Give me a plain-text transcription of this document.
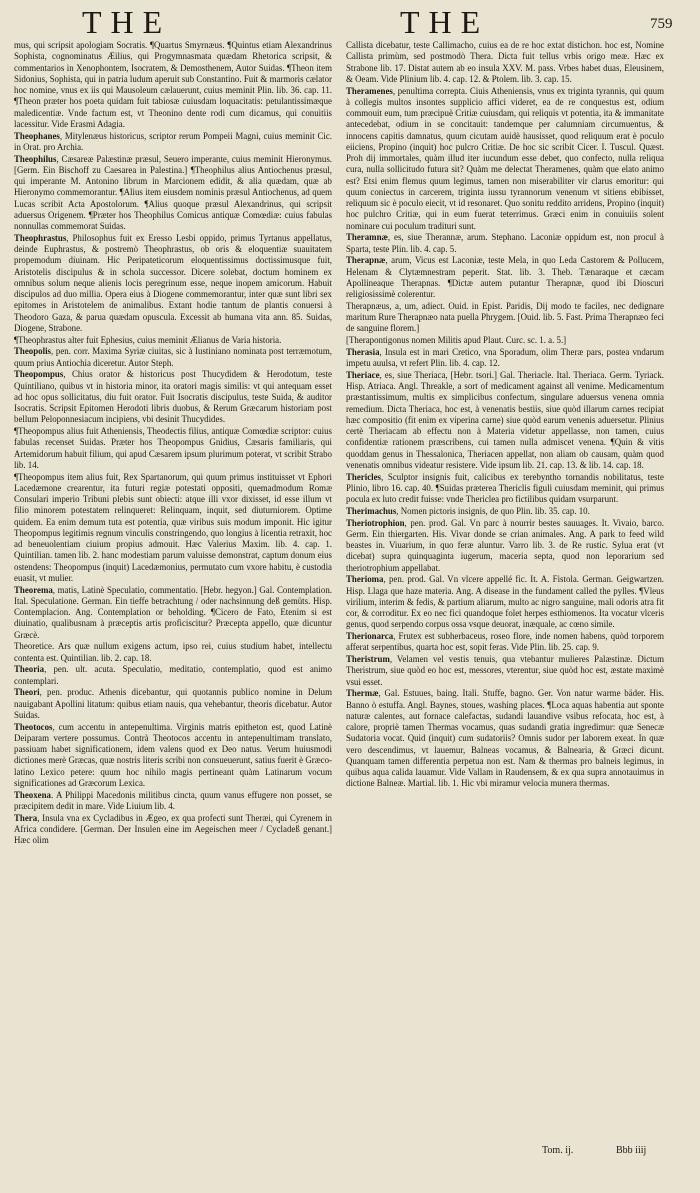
THE	THE	759

mus, qui scripsit apologiam Socratis. ¶Quartus Smyrnæus. ¶Quintus etiam Alexandrinus Sophista, cognominatus Æilius, qui Progymnasmata quædam Rhetorica scripsit, & commentarios in Xenophontem, Isocratem, & Demosthenem, Autor Suidas. ¶Theon item Sidonius, Sophista, qui in patria ludum aperuit sub Constantino. Fuit & marmoris cælator hoc nomine, vnus ex iis qui Mausoleum cælauerunt, cuius meminit Plin. lib. 36. cap. 11. ¶Theon præter hos poeta quidam fuit tabiosæ cuiusdam loquacitatis: petulantissimæque maledicentiæ. Vnde factum est, vt Theonino dente rodi cum dicamus, qui conuitiis lacessitur. Vide Erasmi Adagia.

Theophanes, Mitylenæus historicus, scriptor rerum Pompeii Magni, cuius meminit Cic. in Orat. pro Archia.

Theophilus, Cæsareæ Palæstinæ præsul, Seuero imperante, cuius meminit Hieronymus. [Germ. Ein Bischoff zu Caesarea in Palestina.] ¶Theophilus alius Antiochenus præsul, qui imperante M. Antonino librum in Marcionem edidit, & alia quædam, quæ ab Hieronymo commemorantur. ¶Alius item eiusdem nominis præsul Antiochenus, ad quem Lucas scribit Acta Apostolorum. ¶Alius quoque præsul Alexandrinus, qui scripsit aduersus Origenem. ¶Præter hos Theophilus Comicus antiquæ Comœdiæ: cuius fabulas nonnullas commemorat Suidas.

Theophrastus, Philosophus fuit ex Eresso Lesbi oppido, primus Tyrtanus appellatus, deinde Euphrastus, & postremò Theophrastus, ob oris & eloquentiæ suauitatem propemodum diuinam. Hic Peripateticorum eloquentissimus doctissimusque fuit, Aristotelis discipulus & in schola successor. Dicere solebat, doctum hominem ex omnibus solum neque alienis locis peregrinum esse, neque inopem amicorum. Habuit discipulos ad duo millia. Opera eius à Diogene commemorantur, inter quæ sunt libri sex epitomes in Aristotelem de animalibus. Extant hodie tantum de plantis conuersi à Theodoro Gaza, & parua quædam opuscula. Excessit ab humana vita ann. 85. Suidas, Diogene, Strabone.

¶Theophrastus alter fuit Ephesius, cuius meminit Ælianus de Varia historia.

Theopolis, pen. corr. Maxima Syriæ ciuitas, sic à Iustiniano nominata post terræmotum, quum prius Antiochia diceretur. Autor Steph.

Theopompus, Chius orator & historicus post Thucydidem & Herodotum, teste Quintiliano, quibus vt in historia minor, ita oratori magis similis: vt qui antequam esset ad hoc opus sollicitatus, diu fuit orator. Fuit Isocratis discipulus, teste Suida, & auditor Isocratis. Scripsit Epitomen Herodoti libris duobus, & Rerum Græcarum historiam post bellum Peloponnesiacum incipiens, vbi desinit Thucydides.

¶Theopompus alius fuit Atheniensis, Theodectis filius, antiquæ Comœdiæ scriptor: cuius fabulas recenset Suidas. Præter hos Theopompus Gnidius, Cæsaris familiaris, qui Artemidorum habuit filium, qui apud Cæsarem ipsum plurimum poterat, vt scribit Strabo lib. 14.

¶Theopompus item alius fuit, Rex Spartanorum, qui quum primus instituisset vt Ephori Lacedæmone crearentur, ita futuri regiæ potestati oppositi, quemadmodum Romæ Consulari imperio Tribuni plebis sunt obiecti: atque illi vxor dixisset, id esse illum vt filio minorem potestatem relinqueret: Relinquam, inquit, sed diuturniorem. Optime quidem. Ea enim demum tuta est potentia, quæ viribus suis modum imponit. Hic igitur Theopompus legitimis regnum vinculis constringendo, quo longius à licentia retraxit, hoc ad beneuolentiam ciuium propius admouit. Hæc Valerius Maxim. lib. 4. cap. 1. Quintilian. tamen lib. 2. hanc modestiam parum valuisse demonstrat, captum donum eius ostendens: Theopompus (inquit) Lacedæmonius, permutato cum vxore habitu, è custodia euasit, vt mulier.

Theorema, matis, Latinè Speculatio, commentatio. [Hebr. hegyon.] Gal. Contemplation. Ital. Speculatione. German. Ein tieffe betrachtung / oder nachsinnung deß gemüts. Hisp. Contemplacion. Ang. Contemplation or beholding. ¶Cicero de Fato, Etenim si est diuinatio, qualibusnam à præceptis artis proficiscitur? Præcepta appello, quæ dicuntur Græcè.

Theoretice. Ars quæ nullum exigens actum, ipso rei, cuius studium habet, intellectu contenta est. Quintilian. lib. 2. cap. 18.

Theoria, pen. ult. acuta. Speculatio, meditatio, contemplatio, quod est animo contemplari.

Theori, pen. produc. Athenis dicebantur, qui quotannis publico nomine in Delum nauigabant Apollini litatum: quibus etiam nauis, qua vehebantur, theoris dicebatur. Autor Suidas.

Theotocos, cum accentu in antepenultima. Virginis matris epitheton est, quod Latinè Deiparam vertere possumus. Contrà Theotocos accentu in antepenultimam translato, passiuam habet significationem, idem valens quod ex Deo natus. Verum huiusmodi dictiones merè Græcas, quæ nostris literis scribi non consueuerunt, satius fuerit è Græco-latino Lexico petere: quum hoc nihilo magis pertineant quàm Latinarum vocum significationes ad Græcorum Lexica.

Theoxena. A Philippi Macedonis militibus cincta, quum vanus effugere non posset, se præcipitem dedit in mare. Vide Liuium lib. 4.

Thera, Insula vna ex Cycladibus in Ægeo, ex qua profecti sunt Theræi, qui Cyrenem in Africa condidere. [German. Der Insulen eine im Aegeischen meer / Cycladeß genant.] Hæc olim

Callista dicebatur, teste Callimacho, cuius ea de re hoc extat distichon. hoc est, Nomine Callista primùm, sed postmodò Thera. Dicta fuit tellus vrbis origo meæ. Hæc ex Strabone lib. 17. Distat autem ab eo insula XXV. M. pass. Vrbes habet duas, Eleusinem, & Oeam. Vide Plinium lib. 4. cap. 12. & Ptolem. lib. 3. cap. 15.

Theramenes, penultima correpta. Ciuis Atheniensis, vnus ex triginta tyrannis, qui quum à collegis multos insontes supplicio affici videret, ea de re conquestus est, odium commouit eum, tum præcipuè Critiæ cuiusdam, qui reliquis vt potentia, ita & immanitate antecedebat, odium in se concitauit: tandemque per calumniam circumuentus, & innocens capitis damnatus, quum cicutam auidè hausisset, quod reliquum erat è poculo eiiciens, Propino (inquit) hoc pulcro Critiæ. De hoc sic scribit Cicer. I. Tuscul. Quæst. Proh dij immortales, quàm illud iter iucundum esse debet, quo confecto, nulla reliqua cura, nulla sollicitudo futura sit? Quàm me delectat Theramenes, quàm que elato animo est? Etsi enim flemus quum legimus, tamen non miserabiliter vir clarus emoritur: qui quum coniectus in carcerem, triginta iussu tyrannorum venenum vt sitiens ebibisset, reliquum sic è poculo eiecit, vt id resonaret. Quo sonitu reddito arridens, Propino (inquit) hoc pulchro Critiæ, qui in eum fuerat teterrimus. Græci enim in conuiuiis solent nominare cui poculum tradituri sunt.

Theramnæ, es, siue Therannæ, arum. Stephano. Laconiæ oppidum est, non procul à Sparta, teste Plin. lib. 4. cap. 5.

Therapnæ, arum, Vicus est Laconiæ, teste Mela, in quo Leda Castorem & Pollucem, Helenam & Clytæmnestram peperit. Stat. lib. 3. Theb. Tænaraque et cæcam Apollineaque Therapnas. ¶Dictæ autem putantur Therapnæ, quod ibi Dioscuri religiosissimè colerentur.

Therapnæus, a, um, adiect. Ouid. in Epist. Paridis, Dij modo te faciles, nec dedignare maritum Rure Therapnæo nata puella Phrygem. [Ouid. lib. 5. Fast. Prima Therapnæo feci de sanguine florem.]

[Therapontigonus nomen Militis apud Plaut. Curc. sc. 1. a. 5.]

Therasia, Insula est in mari Cretico, vna Sporadum, olim Theræ pars, postea vndarum impetu auulsa, vt refert Plin. lib. 4. cap. 12.

Theriace, es, siue Theriaca, [Hebr. tsori.] Gal. Theriacle. Ital. Theriaca. Germ. Tyriack. Hisp. Atriaca. Angl. Threakle, a sort of medicament against all venime. Medicamentum præstantissimum, multis ex simplicibus confectum, singulare aduersus venena omnia remedium. Dicta Theriaca, hoc est, à venenatis bestiis, siue quòd illarum carnes recipiat hæc compositio (fit enim ex viperina carne) siue quòd earum venenis aduersetur. Plinius certè Theriacam ab effectu non à Materia videtur appellasse, non tamen, cuius confidentiæ rationem præscribens, cui tamen nulla admiscet venena. ¶Quin & vitis quoddam genus in Thessalonica, Theriacen appellat, non aliam ob causam, quàm quod venenatis omnibus videatur resistere. Vide ipsum lib. 21. cap. 13. & lib. 14. cap. 18.

Thericles, Sculptor insignis fuit, calicibus ex terebyntho tornandis nobilitatus, teste Plinio, libro 16. cap. 40. ¶Suidas præterea Thericlis figuli cuiusdam meminit, qui primus pocula ex luto credit fuisse: vnde Thericlea pro fictilibus quidam vsurparunt.

Therimachus, Nomen pictoris insignis, de quo Plin. lib. 35. cap. 10.

Theriotrophion, pen. prod. Gal. Vn parc à nourrir bestes sauuages. It. Vivaio, barco. Germ. Ein thiergarten. His. Vivar donde se crian animales. Ang. A park to feed wild beastes in. Viuarium, in quo feræ aluntur. Varro lib. 3. de Re rustic. Sylua erat (vt dicebat) supra quinquaginta iugerum, maceria septa, quod non leporarium sed theriotrophium appellabat.

Therioma, pen. prod. Gal. Vn vlcere appellé fic. It. A. Fistola. German. Geigwartzen. Hisp. Llaga que haze materia. Ang. A disease in the fundament called the pylles. ¶Vleus virilium, interim & fedis, & partium aliarum, multo ac nigro sanguine, mali odoris atra fit cor, & corroditur. Ex eo nec fici quandoque folet herpes esthiomenos. Ita vocatur vlceris genus, quod serpendo corpus ossa vsque deuorat, inæquale, ac cœno simile.

Therionarca, Frutex est subherbaceus, roseo flore, inde nomen habens, quòd torporem afferat serpentibus, quarta hoc est, sopit feras. Vide Plin. lib. 25. cap. 9.

Theristrum, Velamen vel vestis tenuis, qua vtebantur mulieres Palæstinæ. Dictum Theristrum, siue quòd eo hoc est, messores, vterentur, siue quòd hoc est, æstate maximè vsui esset.

Thermæ, Gal. Estuues, baing. Itali. Stuffe, bagno. Ger. Von natur warme bäder. His. Banno ò estuffa. Angl. Baynes, stoues, washing places. ¶Loca aquas habentia aut sponte naturæ calentes, aut fornace calefactas, sudandi lauandive vsibus refocata, hoc est, à calore, propriè tamen Thermas vocamus, quas sudandi gratia ingredimur: quæ Senecæ Sudatoria vocat. Quid (inquit) cum sudatoriis? Omnis sudor per laborem exeat. In quæ vero descendimus, vt lauemur, Balneas vocamus, & Balnearia, & Græci dicunt. Quanquam tamen differentia perpetua non est. Nam & thermas pro balneis legimus, in quibus aqua calida lauamur. Vide Vallam in Raudensem, & ex qua supra annotauimus in dictione Balneæ. Martial. lib. 1. Hic vbi miramur velocia munera thermas.

Tom. ij.	Bbb iiij
